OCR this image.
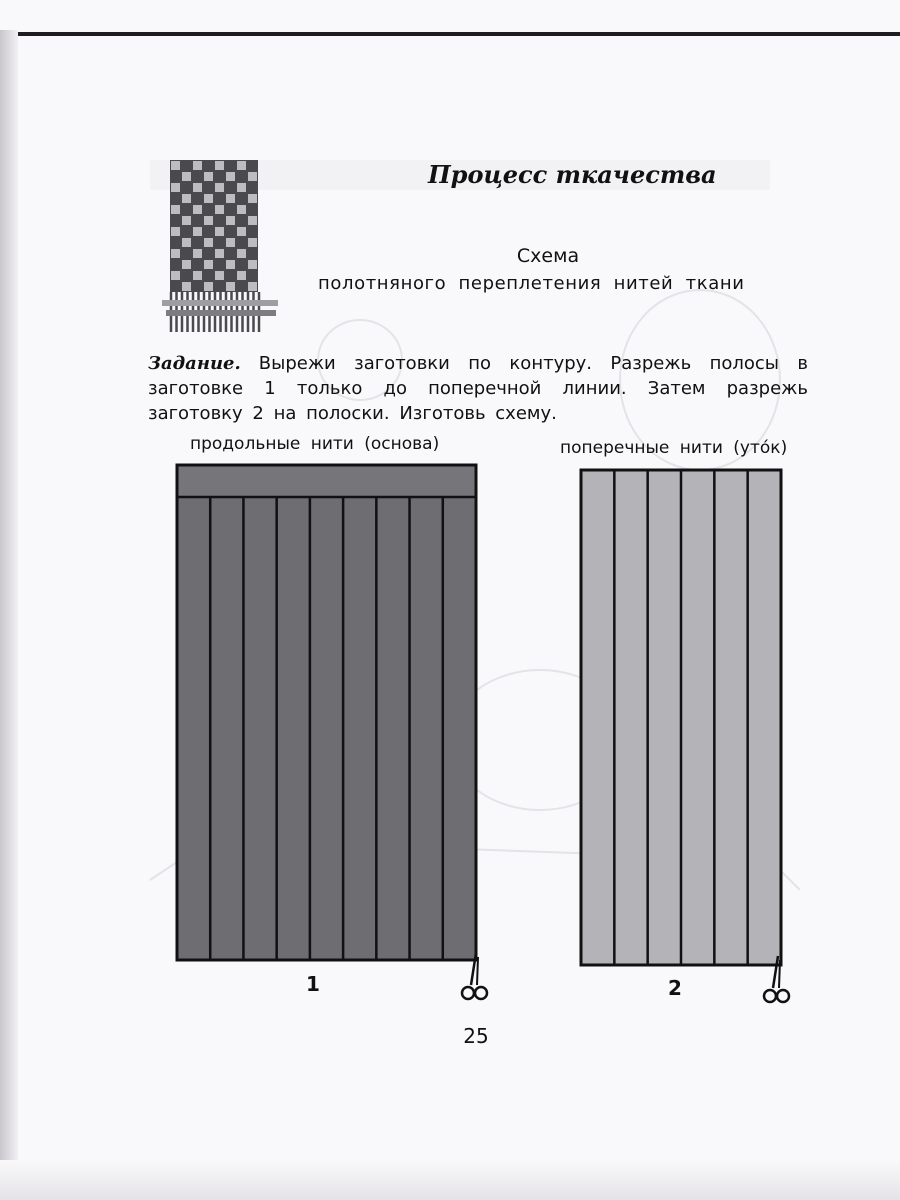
Процесс ткачества
Схема
полотняного переплетения нитей ткани
Задание. Вырежи заготовки по контуру. Разрежь полосы в заготовке 1 только до поперечной линии. Затем разрежь заготовку 2 на полоски. Изготовь схему.
продольные нити (основа)	поперечные нити (уто́к)
1	2
25
